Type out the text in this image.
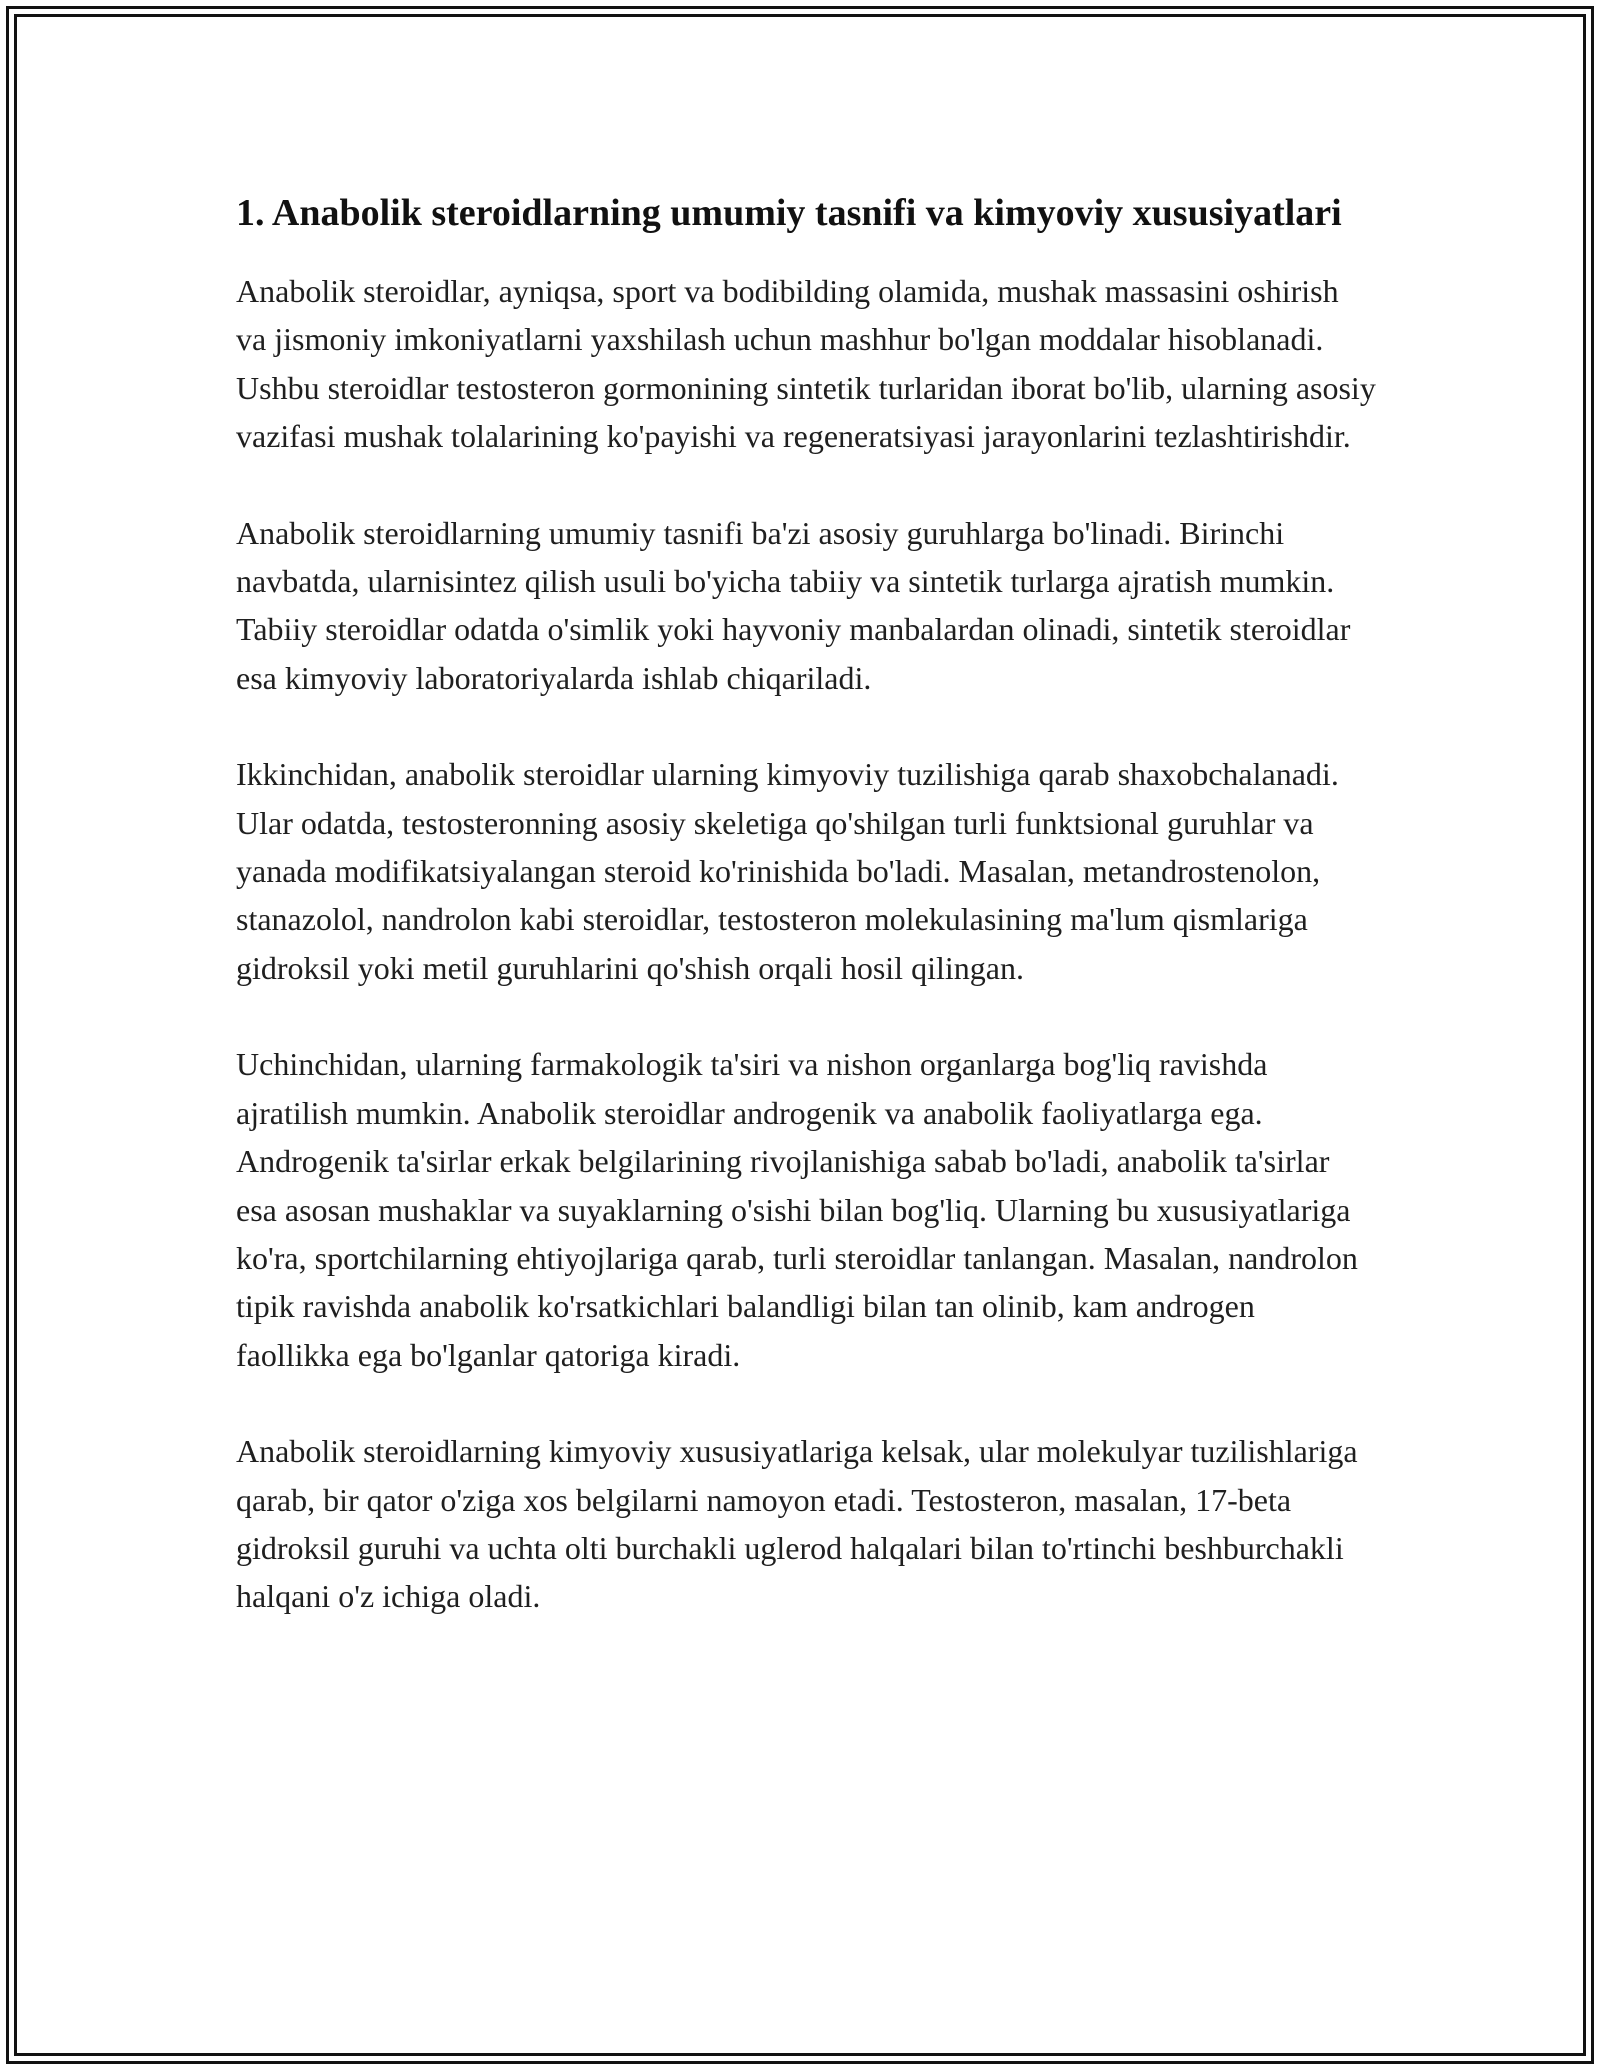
1. Anabolik steroidlarning umumiy tasnifi va kimyoviy xususiyatlari

Anabolik steroidlar, ayniqsa, sport va bodibilding olamida, mushak massasini oshirish va jismoniy imkoniyatlarni yaxshilash uchun mashhur bo'lgan moddalar hisoblanadi. Ushbu steroidlar testosteron gormonining sintetik turlaridan iborat bo'lib, ularning asosiy vazifasi mushak tolalarining ko'payishi va regeneratsiyasi jarayonlarini tezlashtirishdir.

Anabolik steroidlarning umumiy tasnifi ba'zi asosiy guruhlarga bo'linadi. Birinchi navbatda, ularnisintez qilish usuli bo'yicha tabiiy va sintetik turlarga ajratish mumkin. Tabiiy steroidlar odatda o'simlik yoki hayvoniy manbalardan olinadi, sintetik steroidlar esa kimyoviy laboratoriyalarda ishlab chiqariladi.

Ikkinchidan, anabolik steroidlar ularning kimyoviy tuzilishiga qarab shaxobchalanadi. Ular odatda, testosteronning asosiy skeletiga qo'shilgan turli funktsional guruhlar va yanada modifikatsiyalangan steroid ko'rinishida bo'ladi. Masalan, metandrostenolon, stanazolol, nandrolon kabi steroidlar, testosteron molekulasining ma'lum qismlariga gidroksil yoki metil guruhlarini qo'shish orqali hosil qilingan.

Uchinchidan, ularning farmakologik ta'siri va nishon organlarga bog'liq ravishda ajratilish mumkin. Anabolik steroidlar androgenik va anabolik faoliyatlarga ega. Androgenik ta'sirlar erkak belgilarining rivojlanishiga sabab bo'ladi, anabolik ta'sirlar esa asosan mushaklar va suyaklarning o'sishi bilan bog'liq. Ularning bu xususiyatlariga ko'ra, sportchilarning ehtiyojlariga qarab, turli steroidlar tanlangan. Masalan, nandrolon tipik ravishda anabolik ko'rsatkichlari balandligi bilan tan olinib, kam androgen faollikka ega bo'lganlar qatoriga kiradi.

Anabolik steroidlarning kimyoviy xususiyatlariga kelsak, ular molekulyar tuzilishlariga qarab, bir qator o'ziga xos belgilarni namoyon etadi. Testosteron, masalan, 17-beta gidroksil guruhi va uchta olti burchakli uglerod halqalari bilan to'rtinchi beshburchakli halqani o'z ichiga oladi.
